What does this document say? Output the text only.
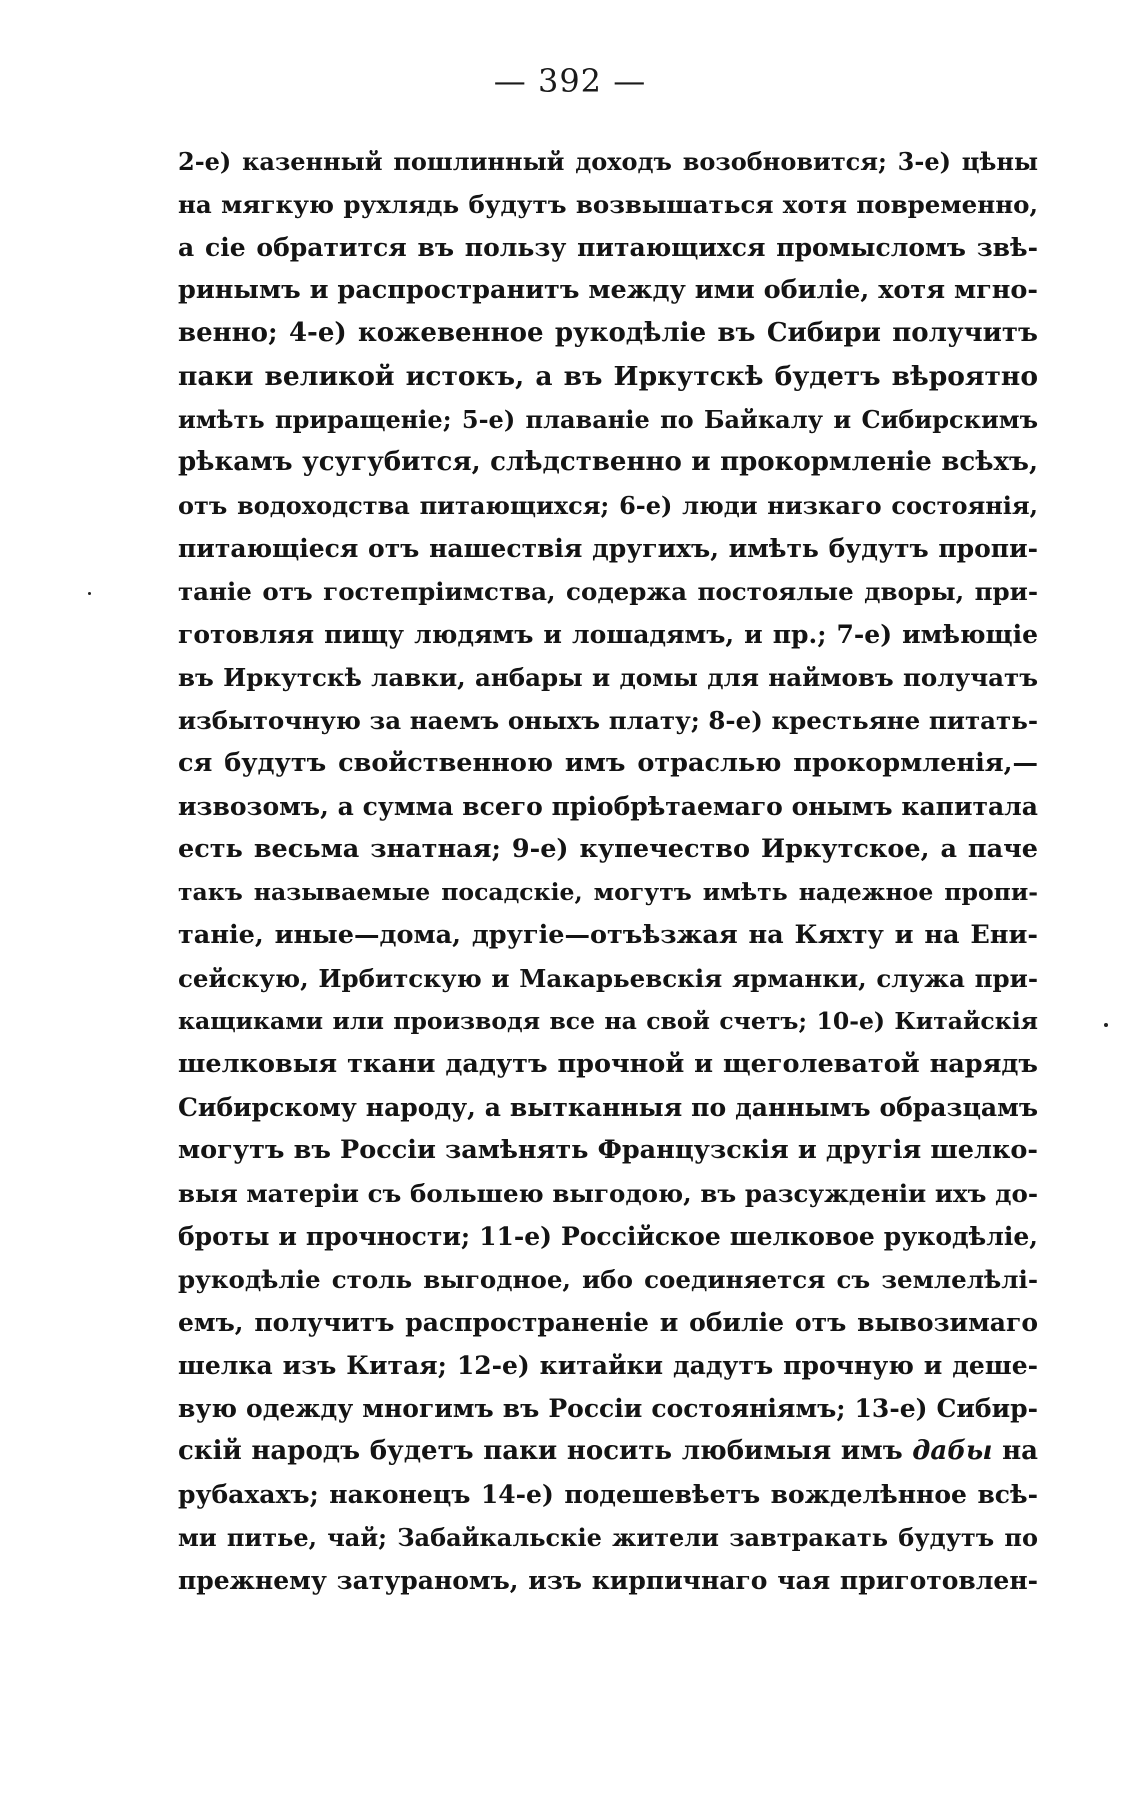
— 392 —
2-е) казенный пошлинный доходъ возобновится; 3-е) цѣны
на мягкую рухлядь будутъ возвышаться хотя повременно,
а сіе обратится въ пользу питающихся промысломъ звѣ-
ринымъ и распространитъ между ими обиліе, хотя мгно-
венно; 4-е) кожевенное рукодѣліе въ Сибири получитъ
паки великой истокъ, а въ Иркутскѣ будетъ вѣроятно
имѣть приращеніе; 5-е) плаваніе по Байкалу и Сибирскимъ
рѣкамъ усугубится, слѣдственно и прокормленіе всѣхъ,
отъ водоходства питающихся; 6-е) люди низкаго состоянія,
питающіеся отъ нашествія другихъ, имѣть будутъ пропи-
таніе отъ гостепріимства, содержа постоялые дворы, при-
готовляя пищу людямъ и лошадямъ, и пр.; 7-е) имѣющіе
въ Иркутскѣ лавки, анбары и домы для наймовъ получатъ
избыточную за наемъ оныхъ плату; 8-е) крестьяне питать-
ся будутъ свойственною имъ отраслью прокормленія,—
извозомъ, а сумма всего пріобрѣтаемаго онымъ капитала
есть весьма знатная; 9-е) купечество Иркутское, а паче
такъ называемые посадскіе, могутъ имѣть надежное пропи-
таніе, иные—дома, другіе—отъѣзжая на Кяхту и на Ени-
сейскую, Ирбитскую и Макарьевскія ярманки, служа при-
кащиками или производя все на свой счетъ; 10-е) Китайскія
шелковыя ткани дадутъ прочной и щеголеватой нарядъ
Сибирскому народу, а вытканныя по даннымъ образцамъ
могутъ въ Россіи замѣнять Французскія и другія шелко-
выя матеріи съ большею выгодою, въ разсужденіи ихъ до-
броты и прочности; 11-е) Россійское шелковое рукодѣліе,
рукодѣліе столь выгодное, ибо соединяется съ землелѣлі-
емъ, получитъ распространеніе и обиліе отъ вывозимаго
шелка изъ Китая; 12-е) китайки дадутъ прочную и деше-
вую одежду многимъ въ Россіи состояніямъ; 13-е) Сибир-
скій народъ будетъ паки носить любимыя имъ дабы на
рубахахъ; наконецъ 14-е) подешевѣетъ вожделѣнное всѣ-
ми питье, чай; Забайкальскіе жители завтракать будутъ по
прежнему затураномъ, изъ кирпичнаго чая приготовлен-
